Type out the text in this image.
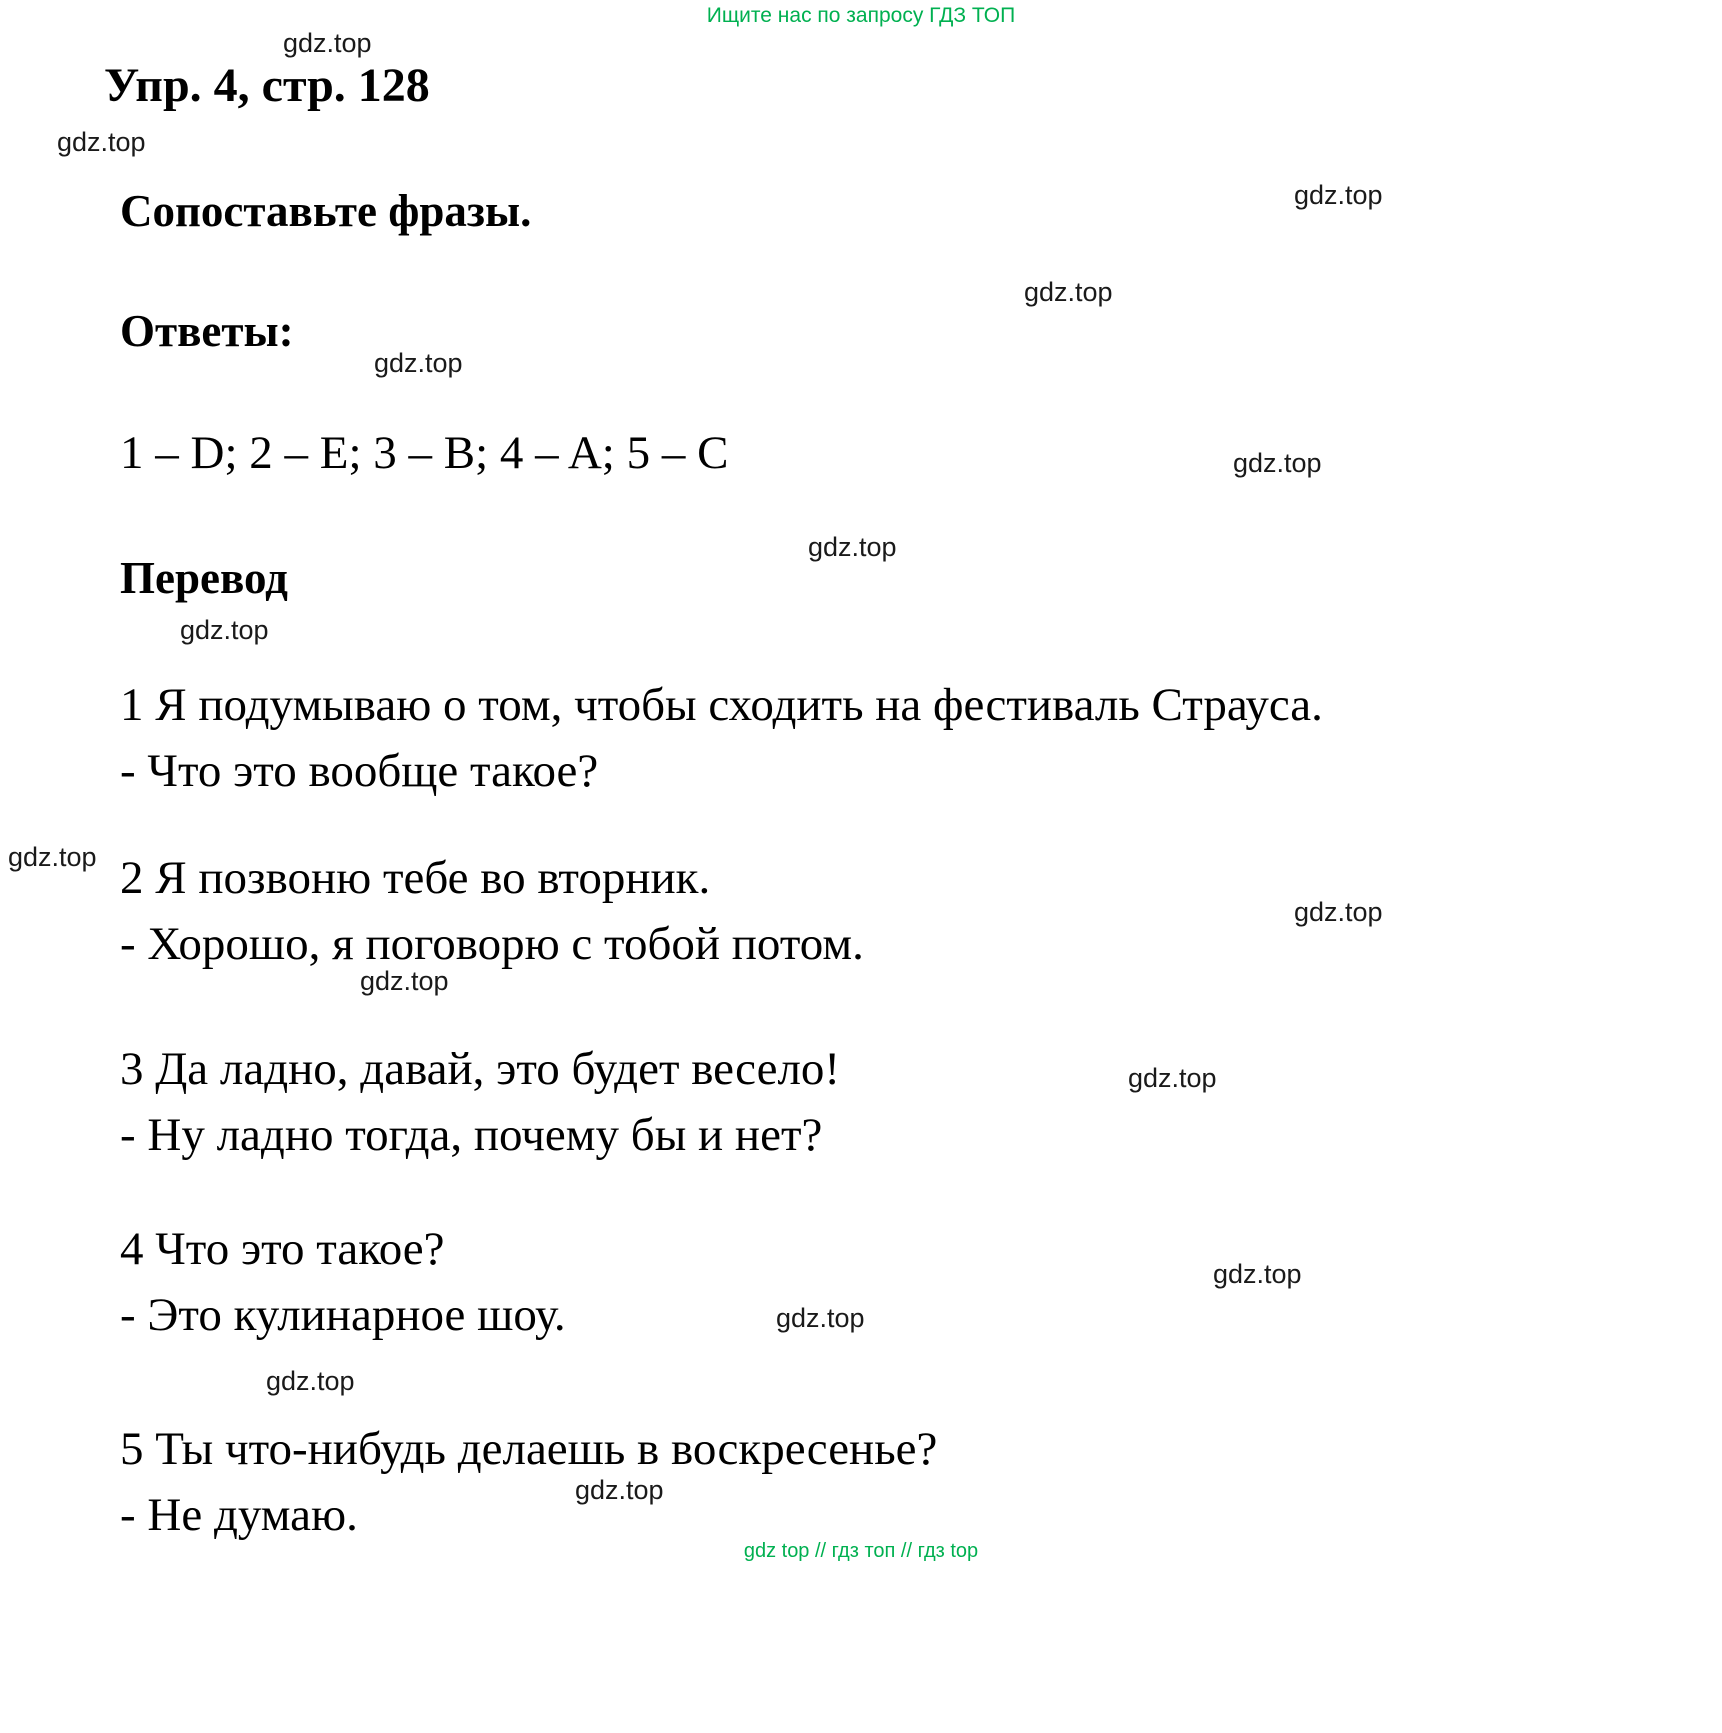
Ищите нас по запросу ГДЗ ТОП
gdz.top
gdz.top
gdz.top
gdz.top
gdz.top
gdz.top
gdz.top
gdz.top
gdz.top
gdz.top
gdz.top
gdz.top
gdz.top
gdz.top
gdz.top
gdz.top
Упр. 4, стр. 128
Сопоставьте фразы.
Ответы:

1 – D; 2 – E; 3 – B; 4 – A; 5 – C

Перевод
1 Я подумываю о том, чтобы сходить на фестиваль Страуса.
- Что это вообще такое?
2 Я позвоню тебе во вторник.
- Хорошо, я поговорю с тобой потом.
3 Да ладно, давай, это будет весело!
- Ну ладно тогда, почему бы и нет?
4 Что это такое?
- Это кулинарное шоу.
5 Ты что-нибудь делаешь в воскресенье?
- Не думаю.
gdz top // гдз топ // гдз top
